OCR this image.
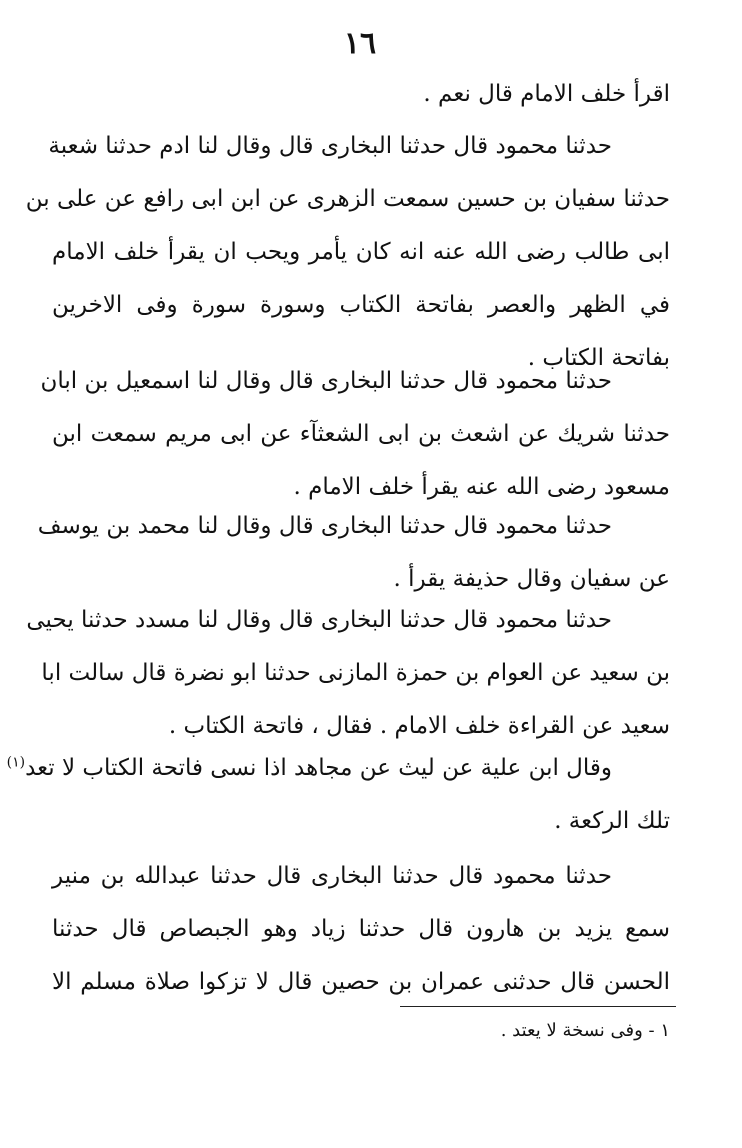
١٦
اقرأ خلف الامام قال نعم .
حدثنا محمود قال حدثنا البخارى قال وقال لنا ادم حدثنا شعبة
حدثنا سفيان بن حسين سمعت الزهرى عن ابن ابى رافع عن على بن
ابى طالب رضى الله عنه انه كان يأمر ويحب ان يقرأ خلف الامام
في الظهر والعصر بفاتحة الكتاب وسورة سورة وفى الاخرين
بفاتحة الكتاب .
حدثنا محمود قال حدثنا البخارى قال وقال لنا اسمعيل بن ابان
حدثنا شريك عن اشعث بن ابى الشعثآء عن ابى مريم سمعت ابن
مسعود رضى الله عنه يقرأ خلف الامام .
حدثنا محمود قال حدثنا البخارى قال وقال لنا محمد بن يوسف
عن سفيان وقال حذيفة يقرأ .
حدثنا محمود قال حدثنا البخارى قال وقال لنا مسدد حدثنا يحيى
بن سعيد عن العوام بن حمزة المازنى حدثنا ابو نضرة قال سالت ابا
سعيد عن القراءة خلف الامام . فقال ، فاتحة الكتاب .
وقال ابن علية عن ليث عن مجاهد اذا نسى فاتحة الكتاب لا تعد$^{(١)}$
تلك الركعة .
حدثنا محمود قال حدثنا البخارى قال حدثنا عبدالله بن منير
سمع يزيد بن هارون قال حدثنا زياد وهو الجبصاص قال حدثنا
الحسن قال حدثنى عمران بن حصين قال لا تزكوا صلاة مسلم الا
١ - وفى نسخة لا يعتد .
